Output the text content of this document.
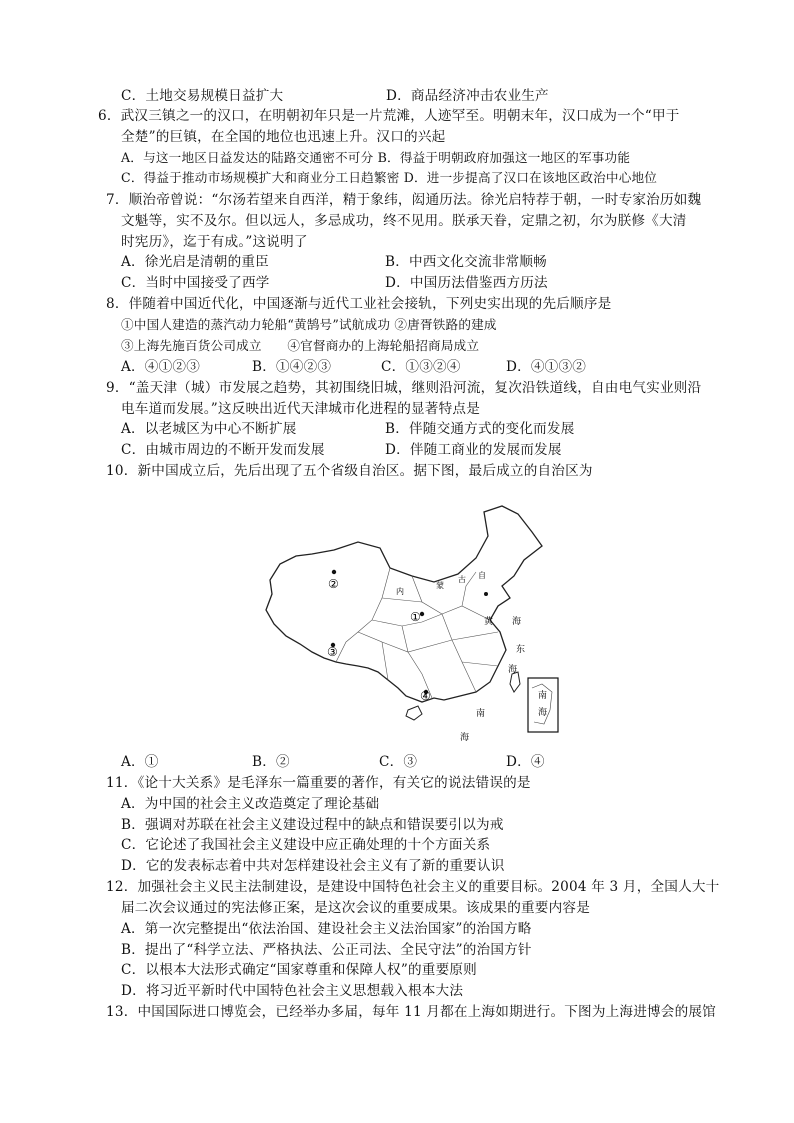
C．土地交易规模日益扩大	D．商品经济冲击农业生产
6．武汉三镇之一的汉口，在明朝初年只是一片荒滩，人迹罕至。明朝末年，汉口成为一个“甲于
全楚”的巨镇，在全国的地位也迅速上升。汉口的兴起
A．与这一地区日益发达的陆路交通密不可分 B．得益于明朝政府加强这一地区的军事功能
C．得益于推动市场规模扩大和商业分工日趋繁密 D．进一步提高了汉口在该地区政治中心地位
7．顺治帝曾说：“尔汤若望来自西洋，精于象纬，闳通历法。徐光启特荐于朝，一时专家治历如魏
文魁等，实不及尔。但以远人，多忌成功，终不见用。朕承天眷，定鼎之初，尔为朕修《大清
时宪历》，迄于有成。”这说明了
A．徐光启是清朝的重臣	B．中西文化交流非常顺畅
C．当时中国接受了西学	D．中国历法借鉴西方历法
8．伴随着中国近代化，中国逐渐与近代工业社会接轨，下列史实出现的先后顺序是
①中国人建造的蒸汽动力轮船“黄鹄号”试航成功 ②唐胥铁路的建成
③上海先施百货公司成立　　④官督商办的上海轮船招商局成立
A．④①②③	B．①④②③	C．①③②④	D．④①③②
9．“盖天津（城）市发展之趋势，其初围绕旧城，继则沿河流，复次沿铁道线，自由电气实业则沿
电车道而发展。”这反映出近代天津城市化进程的显著特点是
A．以老城区为中心不断扩展	B．伴随交通方式的变化而发展
C．由城市周边的不断开发而发展	D．伴随工商业的发展而发展
10．新中国成立后，先后出现了五个省级自治区。据下图，最后成立的自治区为
南
海
②
③
①
④
内
蒙
古 自
黄 海
东
海
南
海
A．①	B．②	C．③	D．④
11．《论十大关系》是毛泽东一篇重要的著作，有关它的说法错误的是
A．为中国的社会主义改造奠定了理论基础
B．强调对苏联在社会主义建设过程中的缺点和错误要引以为戒
C．它论述了我国社会主义建设中应正确处理的十个方面关系
D．它的发表标志着中共对怎样建设社会主义有了新的重要认识
12．加强社会主义民主法制建设，是建设中国特色社会主义的重要目标。2004 年 3 月，全国人大十
届二次会议通过的宪法修正案，是这次会议的重要成果。该成果的重要内容是
A．第一次完整提出“依法治国、建设社会主义法治国家”的治国方略
B．提出了“科学立法、严格执法、公正司法、全民守法”的治国方针
C．以根本大法形式确定“国家尊重和保障人权”的重要原则
D．将习近平新时代中国特色社会主义思想载入根本大法
13．中国国际进口博览会，已经举办多届，每年 11 月都在上海如期进行。下图为上海进博会的展馆
